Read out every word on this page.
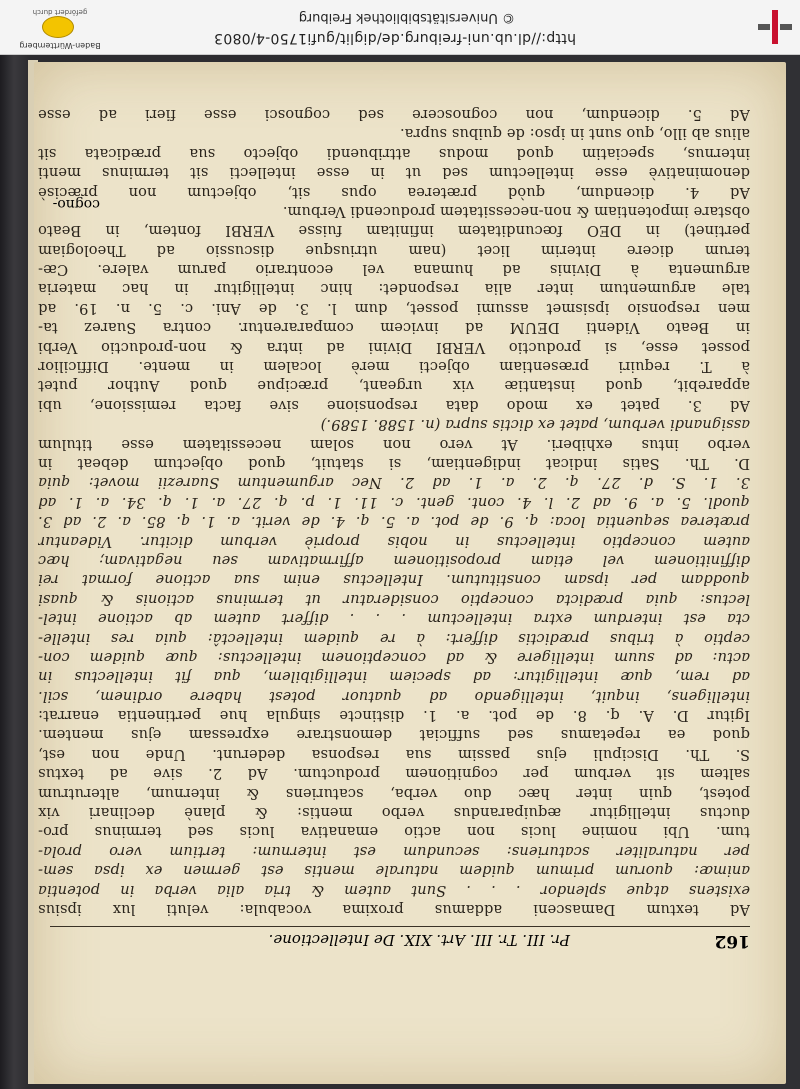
http://dl.ub.uni-freiburg.de/diglit/gufi1750-4/0803
© Universitätsbibliothek Freiburg
Baden-Württemberg
gefördert durch
162
Pr. III. Tr. III. Art. XIX. De Intellectione.
Ad textum Damasceni addamus proxima vocabula: veluti lux ipsius
existens atque splendor . . . Sunt autem & tria alia verba in potentia
animæ: quorum primum quidem naturale mentis est germen ex ipsa sem-
per naturaliter scaturiens: secundum est internum: tertium vero prola-
tum. Ubi nomine lucis non actio emanativa lucis sed terminus pro-
ductus intelligitur æquiparandus verbo mentis: & planè declinari vix
potest, quin inter hæc duo verba, scaturiens & internum, alterutrum
saltem sit verbum per cognitionem productum. Ad 2. sive ad textus
S. Th. Discipuli ejus passim sua responsa dederunt. Unde non est,
quod ea repetamus sed sufficiat demonstrare expressam ejus mentem.
Igitur D. A. q. 8. de pot. a. 1. distincte singula hue pertinentia enarrat:
intelligens, inquit, intelligendo ad quatuor potest habere ordinem, scil.
ad rem, quæ intelligitur: ad speciem intelligibilem, qua fit intellectus in
actu: ad suum intelligere & ad conceptionem intellectus: quæ quidem con-
ceptio à tribus prædictis differt: à re quidem intellectâ: quia res intelle-
cta est interdum extra intellectum . . . differt autem ab actione intel-
lectus: quia prædicta conceptio consideratur ut terminus actionis & quasi
quoddam per ipsam constitutum. Intellectus enim sua actione format rei
diffinitionem vel etiam propositionem affirmativam seu negativam; hæc
autem conceptio intellectus in nobis propriè verbum dicitur. Videantur
præterea sequentia loca: q. 9. de pot. a. 5. q. 4. de verit. a. 1. q. 85. a. 2. ad 3.
quodl. 5. a. 9. ad 2. l. 4. cont. gent. c. 11. 1. p. q. 27. a. 1. q. 34. a. 1. ad
3. 1. S. d. 27. q. 2. a. 1. ad 2. Nec argumentum Suarezii movet: quia
D. Th. Satis indicat indigentiam, si statuit, quod objectum debeat in
verbo intus exhiberi. At vero non solam necessitatem esse titulum
assignandi verbum, patet ex dictis supra (n. 1588. 1589.)
Ad 3. patet ex modo data responsione sive facta remissione, ubi
apparebit, quod instantiæ vix urgeant, præcipue quod Author putet
à T. requiri præsentiam objecti merè localem in mente. Difficilior
posset esse, si productio VERBI Divini ad intra & non-productio Verbi
in Beato Videnti DEUM ad invicem compararentur. contra Suarez ta-
men responsio ipsismet assumi posset, dum l. 3. de Ani. c. 5. n. 19. ad
tale argumentum inter alia respondet: hinc intelligitur in hac materia
argumenta à Divinis ad humana vel econtrario parum valere. Cæ-
terum dicere interim licet (nam utriusque discussio ad Theologiam
pertinet) in DEO fœcunditatem infinitam fuisse VERBI fontem, in Beato
obstare impotentiam & non-necessitatem producendi Verbum.
Ad 4. dicendum, quòd præterea opus sit, objectum non præcisè
denominativè esse intellectum sed ut in esse intellecti sit terminus menti
internus, speciatim quod modus attribuendi objecto sua prædicata sit
alius ab illo, quo sunt in ipso: de quibus supra.
Ad 5. dicendum, non cognoscere sed cognosci esse fieri ad esse
cogno-
